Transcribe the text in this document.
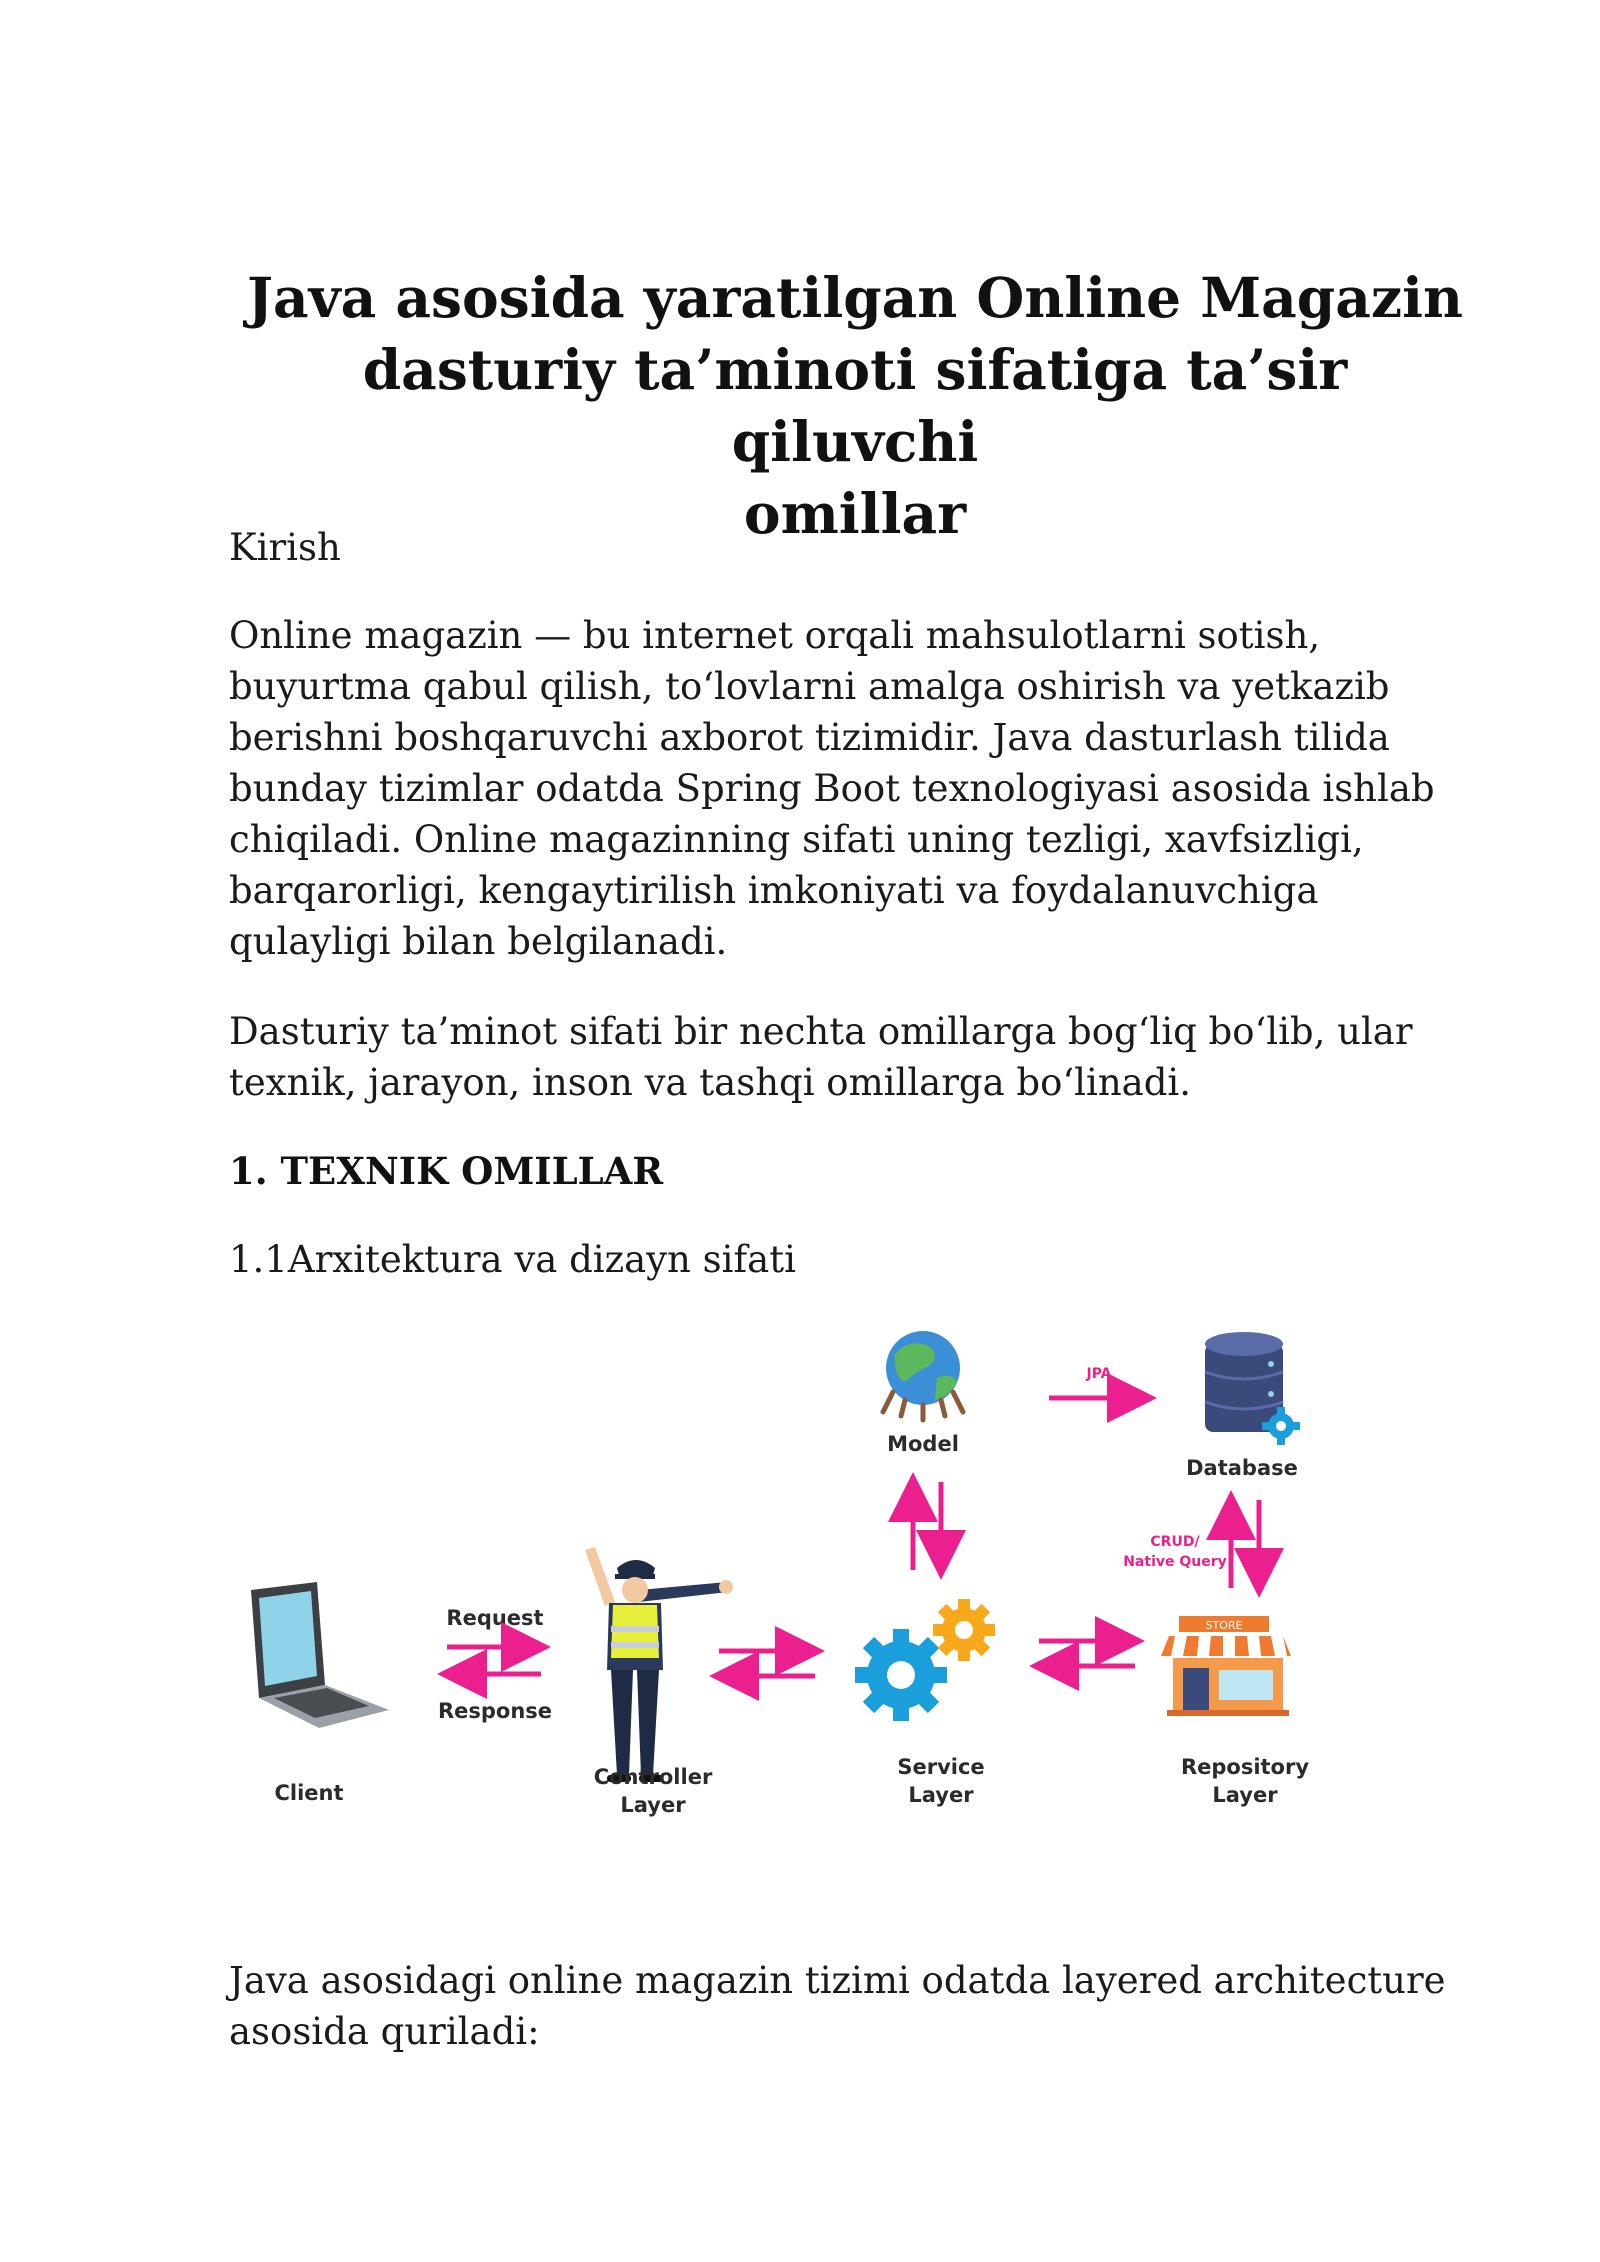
Java asosida yaratilgan Online Magazin
dasturiy ta’minoti sifatiga ta’sir qiluvchi
omillar

Kirish

Online magazin — bu internet orqali mahsulotlarni sotish, buyurtma qabul qilish, to‘lovlarni amalga oshirish va yetkazib berishni boshqaruvchi axborot tizimidir. Java dasturlash tilida bunday tizimlar odatda Spring Boot texnologiyasi asosida ishlab chiqiladi. Online magazinning sifati uning tezligi, xavfsizligi, barqarorligi, kengaytirilish imkoniyati va foydalanuvchiga qulayligi bilan belgilanadi.

Dasturiy ta’minot sifati bir nechta omillarga bog‘liq bo‘lib, ular texnik, jarayon, inson va tashqi omillarga bo‘linadi.

1. TEXNIK OMILLAR

1.1Arxitektura va dizayn sifati

Client
Request
Response
Controller
Layer
Service
Layer
Model
JPA
Database
CRUD/
Native Query
STORE
Repository
Layer

Java asosidagi online magazin tizimi odatda layered architecture asosida quriladi:
